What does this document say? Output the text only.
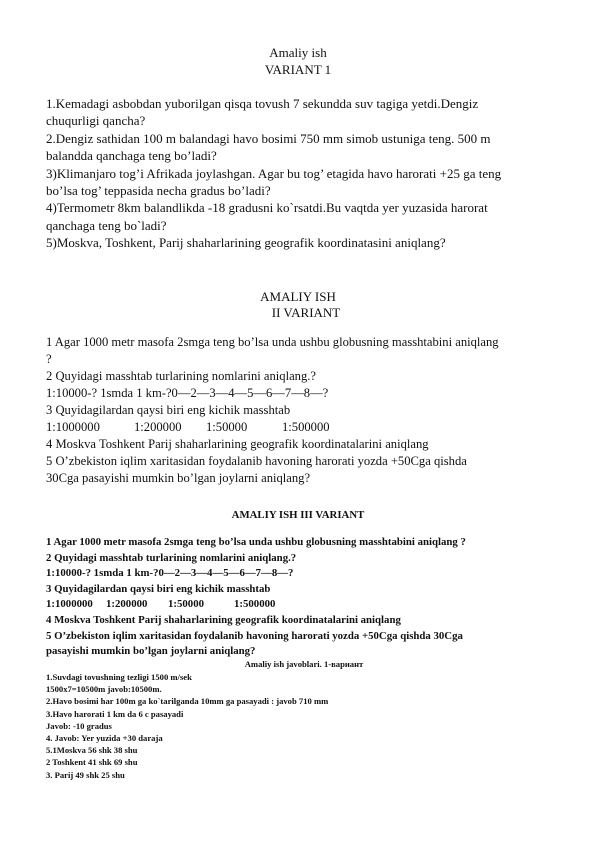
Amaliy ish
VARIANT 1
1.Kemadagi asbobdan yuborilgan qisqa tovush 7 sekundda suv tagiga yetdi.Dengiz
chuqurligi qancha?
2.Dengiz sathidan 100 m balandagi havo bosimi 750 mm simob ustuniga teng. 500 m
balandda qanchaga teng bo’ladi?
3)Klimanjaro tog’i Afrikada joylashgan. Agar bu tog’ etagida havo harorati +25 ga teng
bo’lsa tog’ teppasida necha gradus bo’ladi?
4)Termometr 8km balandlikda -18 gradusni ko`rsatdi.Bu vaqtda yer yuzasida harorat
qanchaga teng bo`ladi?
5)Moskva, Toshkent, Parij shaharlarining geografik koordinatasini aniqlang?
AMALIY ISH
II VARIANT
1 Agar 1000 metr masofa 2smga teng bo’lsa unda ushbu globusning masshtabini aniqlang
?
2 Quyidagi masshtab turlarining nomlarini aniqlang.?
1:10000-? 1smda 1 km-?0—2—3—4—5—6—7—8—?
3 Quyidagilardan qaysi biri eng kichik masshtab
1:1000000	1:200000 1:50000	1:500000
4 Moskva Toshkent Parij shaharlarining geografik koordinatalarini aniqlang
5 O’zbekiston iqlim xaritasidan foydalanib havoning harorati yozda +50Cga qishda
30Cga pasayishi mumkin bo’lgan joylarni aniqlang?
AMALIY ISH III VARIANT
1 Agar 1000 metr masofa 2smga teng bo’lsa unda ushbu globusning masshtabini aniqlang ?
2 Quyidagi masshtab turlarining nomlarini aniqlang.?
1:10000-? 1smda 1 km-?0—2—3—4—5—6—7—8—?
3 Quyidagilardan qaysi biri eng kichik masshtab
1:1000000 1:200000 1:50000	1:500000
4 Moskva Toshkent Parij shaharlarining geografik koordinatalarini aniqlang
5 O’zbekiston iqlim xaritasidan foydalanib havoning harorati yozda +50Cga qishda 30Cga
pasayishi mumkin bo’lgan joylarni aniqlang?
Amaliy ish javoblari. 1-вариант
1.Suvdagi tovushning tezligi 1500 m/sek
1500x7=10500m javob:10500m.
2.Havo bosimi har 100m ga ko`tarilganda 10mm ga pasayadi : javob 710 mm
3.Havo harorati 1 km da 6 c pasayadi
Javob: -10 gradus
4. Javob: Yer yuzida +30 daraja
5.1Moskva 56 shk 38 shu
2 Toshkent 41 shk 69 shu
3. Parij 49 shk 25 shu
